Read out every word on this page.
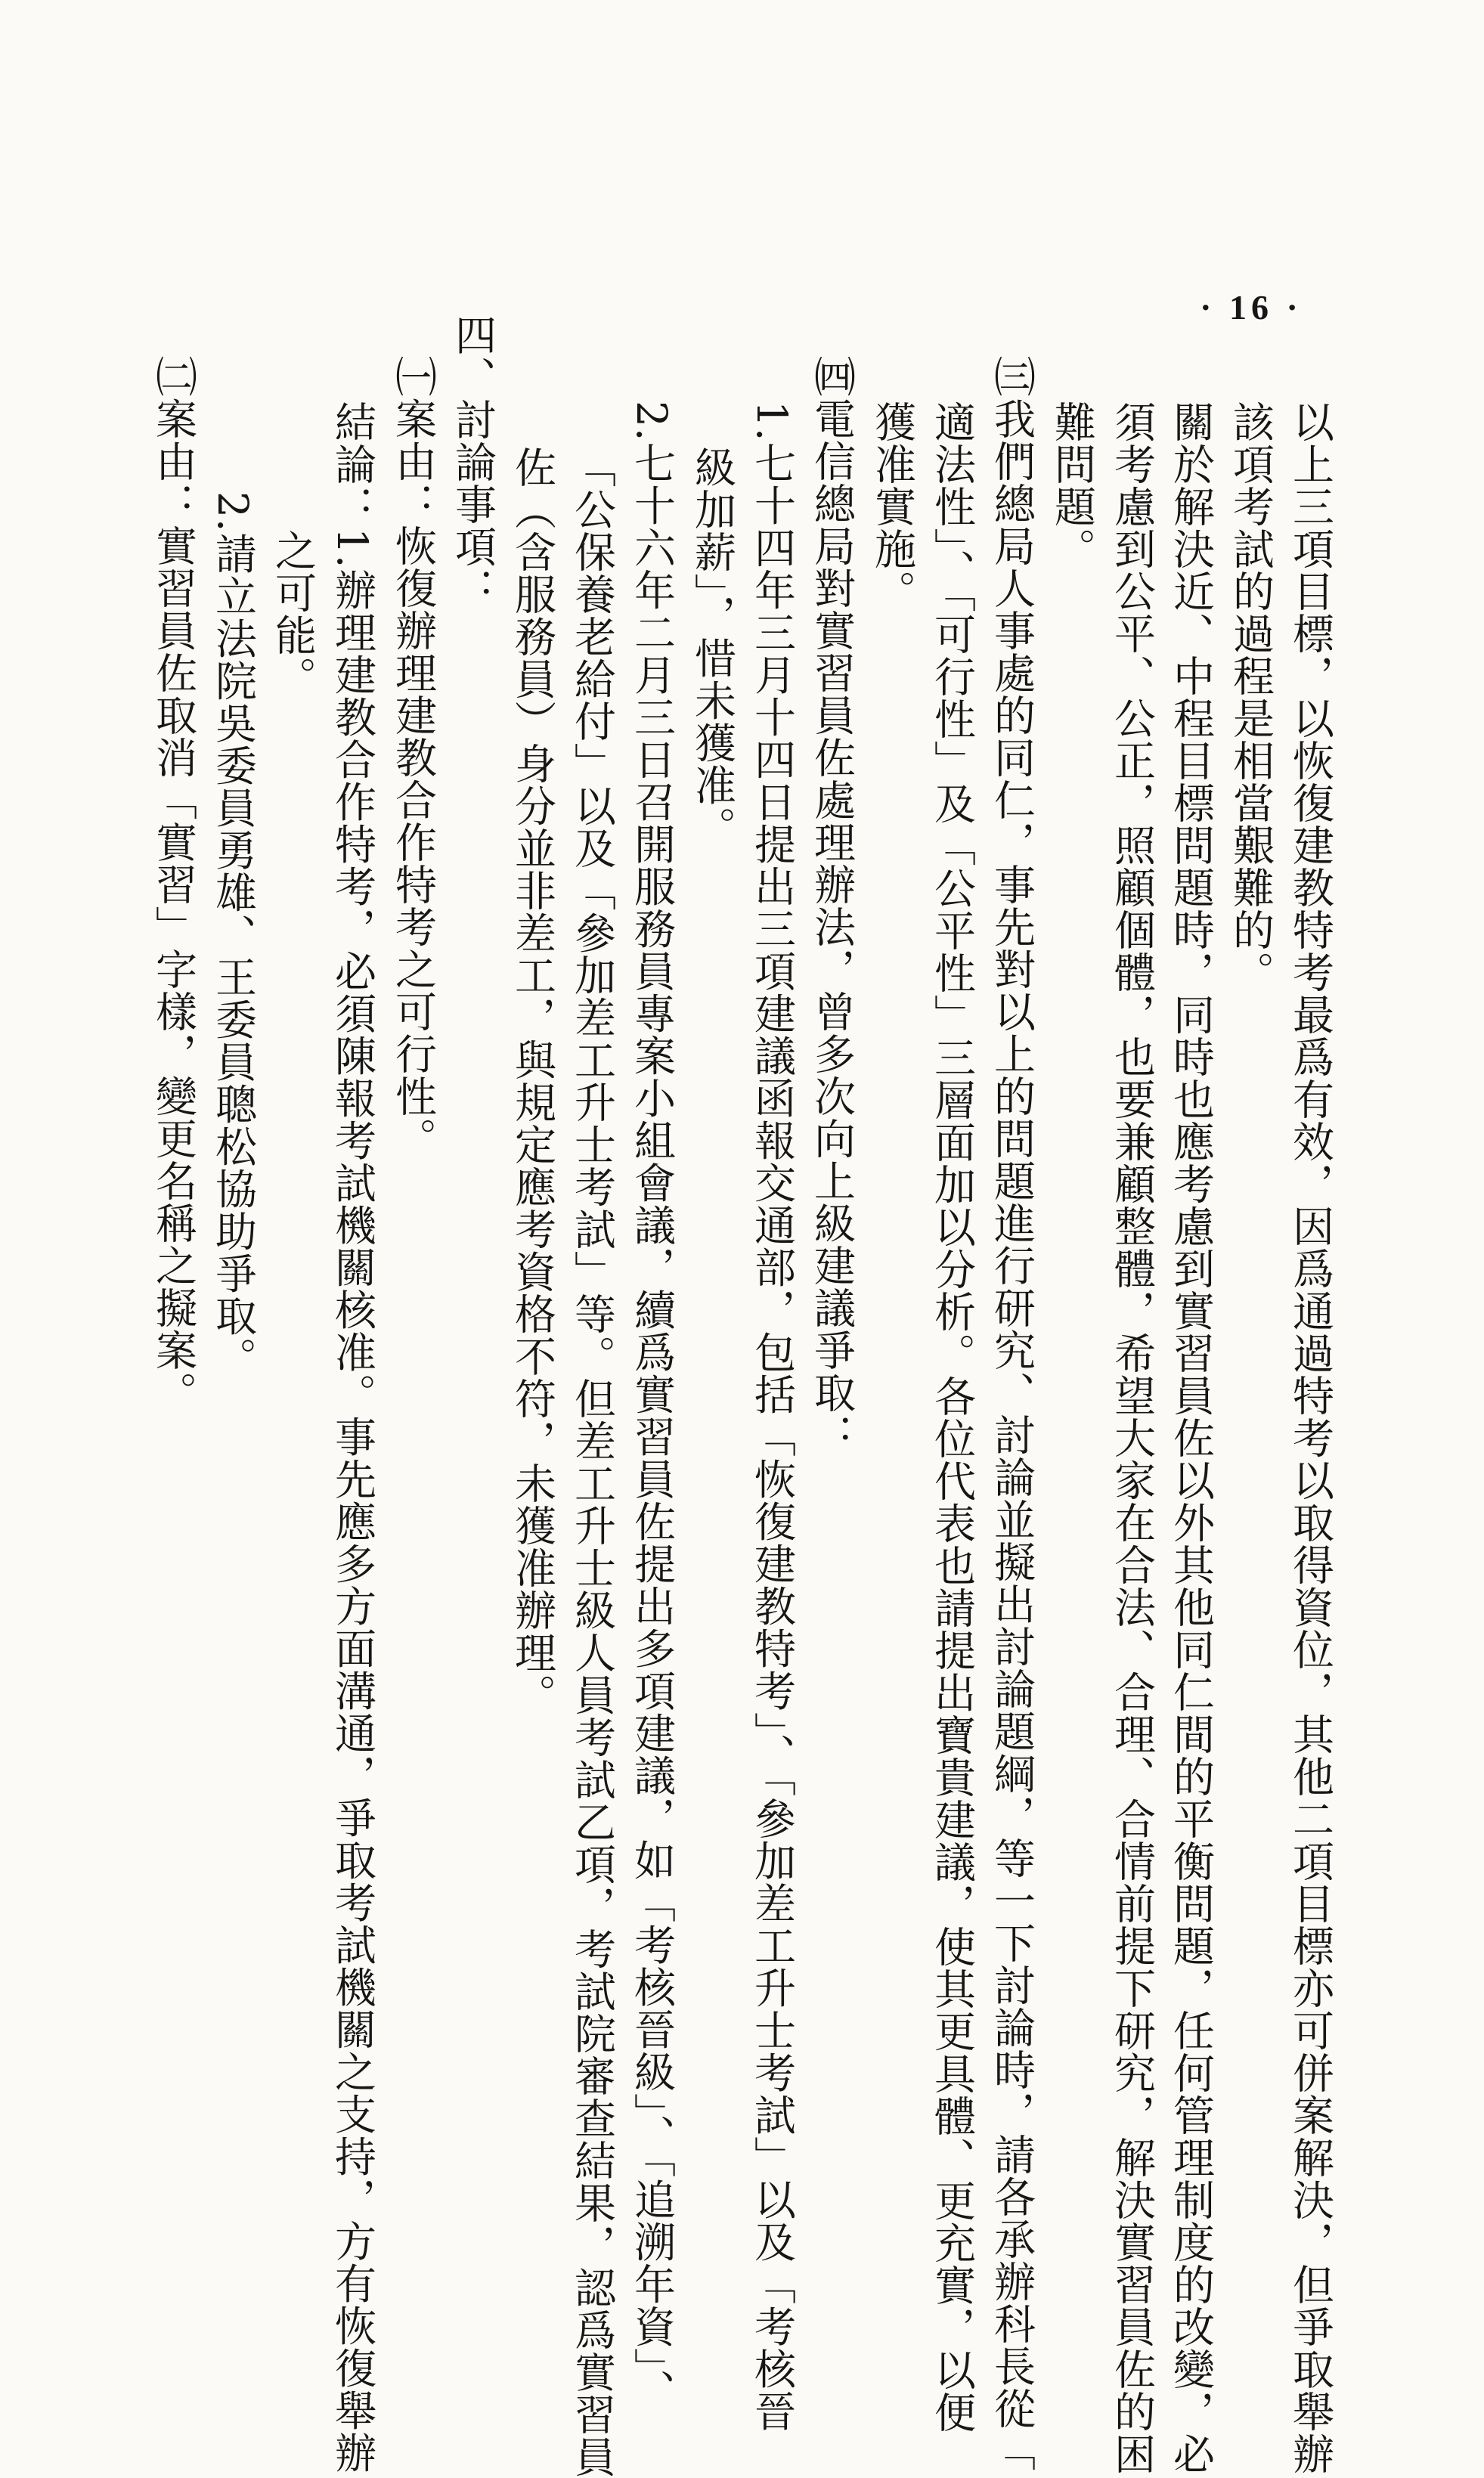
· 16 ·
以上三項目標，以恢復建教特考最爲有效，因爲通過特考以取得資位，其他二項目標亦可併案解決，但爭取舉辦
該項考試的過程是相當艱難的。
關於解決近、中程目標問題時，同時也應考慮到實習員佐以外其他同仁間的平衡問題，任何管理制度的改變，必
須考慮到公平、公正，照顧個體，也要兼顧整體，希望大家在合法、合理、合情前提下研究，解決實習員佐的困
難問題。
㈢我們總局人事處的同仁，事先對以上的問題進行研究、討論並擬出討論題綱，等一下討論時，請各承辦科長從「
適法性」、「可行性」及「公平性」三層面加以分析。各位代表也請提出寶貴建議，使其更具體、更充實，以便
獲准實施。
㈣電信總局對實習員佐處理辦法，曾多次向上級建議爭取：
1.七十四年三月十四日提出三項建議函報交通部，包括「恢復建教特考」、「參加差工升士考試」以及「考核晉
級加薪」，惜未獲准。
2.七十六年二月三日召開服務員專案小組會議，續爲實習員佐提出多項建議，如「考核晉級」、「追溯年資」、
「公保養老給付」以及「參加差工升士考試」等。但差工升士級人員考試乙項，考試院審查結果，認爲實習員
佐（含服務員）身分並非差工，與規定應考資格不符，未獲准辦理。
四、討論事項：
㈠案由：恢復辦理建教合作特考之可行性。
結論：1.辦理建教合作特考，必須陳報考試機關核准。事先應多方面溝通，爭取考試機關之支持，方有恢復舉辦
之可能。
2.請立法院吳委員勇雄、王委員聰松協助爭取。
㈡案由：實習員佐取消「實習」字樣，變更名稱之擬案。
